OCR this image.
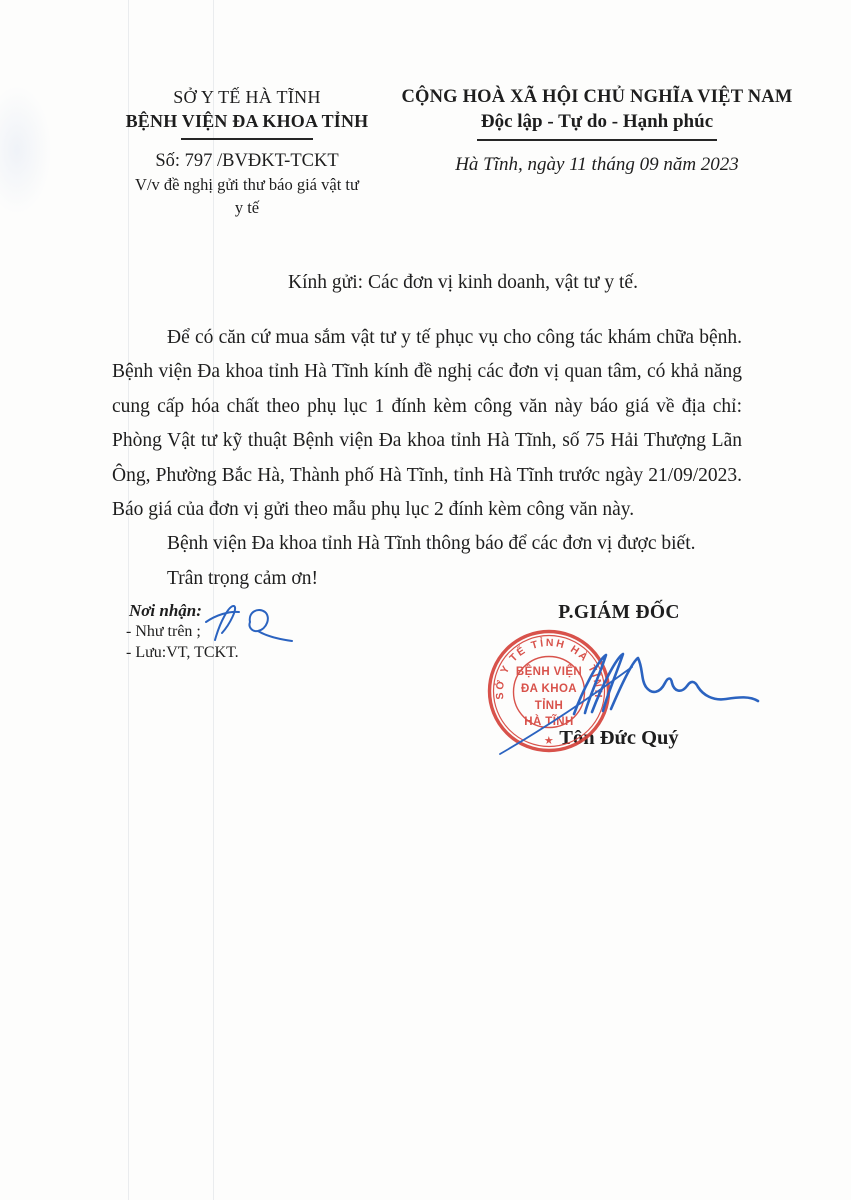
SỞ Y TẾ HÀ TĨNH
BỆNH VIỆN ĐA KHOA TỈNH
Số: 797 /BVĐKT-TCKT
V/v đề nghị gửi thư báo giá vật tư
y tế
CỘNG HOÀ XÃ HỘI CHỦ NGHĨA VIỆT NAM
Độc lập - Tự do - Hạnh phúc
Hà Tĩnh, ngày 11 tháng 09 năm 2023
Kính gửi: Các đơn vị kinh doanh, vật tư y tế.
Để có căn cứ mua sắm vật tư y tế phục vụ cho công tác khám chữa bệnh.
Bệnh viện Đa khoa tỉnh Hà Tĩnh kính đề nghị các đơn vị quan tâm, có khả năng
cung cấp hóa chất theo phụ lục 1 đính kèm công văn này báo giá về địa chỉ:
Phòng Vật tư kỹ thuật Bệnh viện Đa khoa tỉnh Hà Tĩnh, số 75 Hải Thượng Lãn
Ông, Phường Bắc Hà, Thành phố Hà Tĩnh, tỉnh Hà Tĩnh trước ngày 21/09/2023.
Báo giá của đơn vị gửi theo mẫu phụ lục 2 đính kèm công văn này.
Bệnh viện Đa khoa tỉnh Hà Tĩnh thông báo để các đơn vị được biết.
Trân trọng cảm ơn!
Nơi nhận:
- Như trên ;
- Lưu:VT, TCKT.
P.GIÁM ĐỐC
Tôn Đức Quý
SỞ Y TẾ TỈNH HÀ TĨNH
BỆNH VIỆN
ĐA KHOA
TỈNH
HÀ TĨNH
★
